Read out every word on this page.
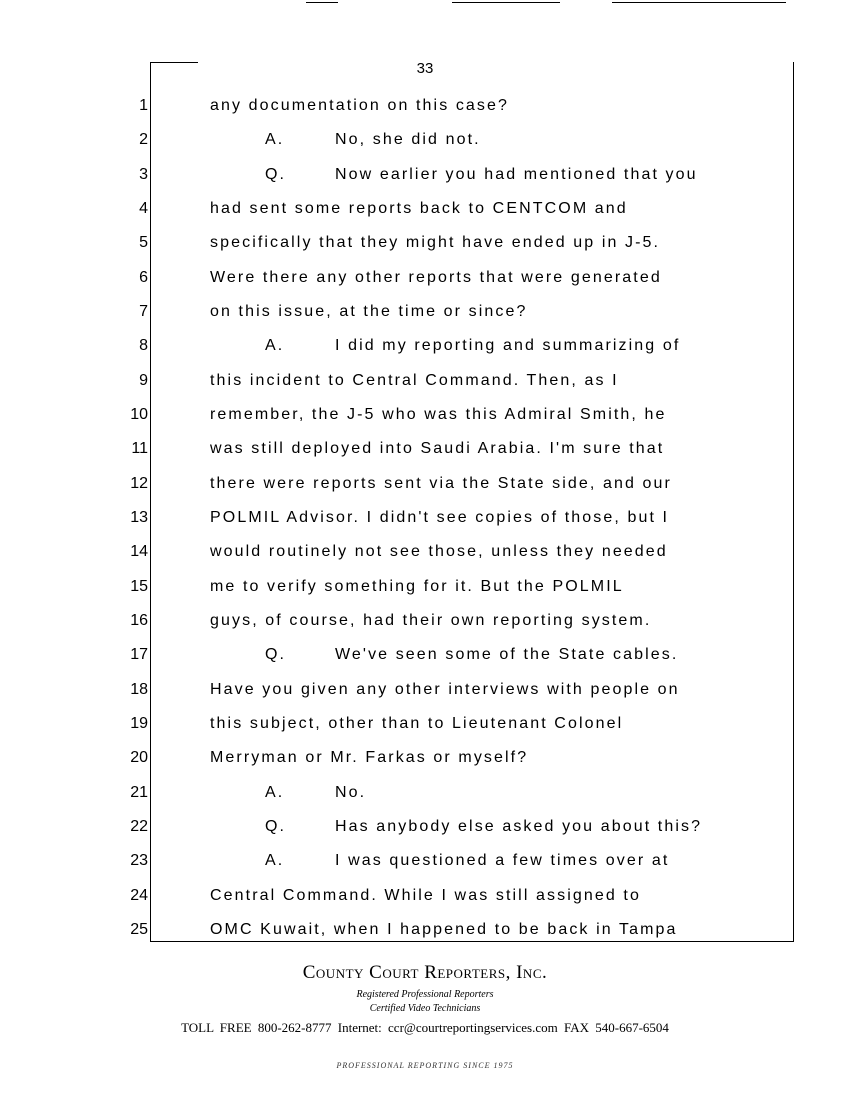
33
1	any documentation on this case?
2	A.	No, she did not.
3	Q.	Now earlier you had mentioned that you
4	had sent some reports back to CENTCOM and
5	specifically that they might have ended up in J-5.
6	Were there any other reports that were generated
7	on this issue, at the time or since?
8	A.	I did my reporting and summarizing of
9	this incident to Central Command. Then, as I
10	remember, the J-5 who was this Admiral Smith, he
11	was still deployed into Saudi Arabia. I'm sure that
12	there were reports sent via the State side, and our
13	POLMIL Advisor. I didn't see copies of those, but I
14	would routinely not see those, unless they needed
15	me to verify something for it. But the POLMIL
16	guys, of course, had their own reporting system.
17	Q.	We've seen some of the State cables.
18	Have you given any other interviews with people on
19	this subject, other than to Lieutenant Colonel
20	Merryman or Mr. Farkas or myself?
21	A.	No.
22	Q.	Has anybody else asked you about this?
23	A.	I was questioned a few times over at
24	Central Command. While I was still assigned to
25	OMC Kuwait, when I happened to be back in Tampa
County Court Reporters, Inc.
Registered Professional Reporters
Certified Video Technicians
TOLL FREE 800-262-8777 Internet: ccr@courtreportingservices.com FAX 540-667-6504
PROFESSIONAL REPORTING SINCE 1975
